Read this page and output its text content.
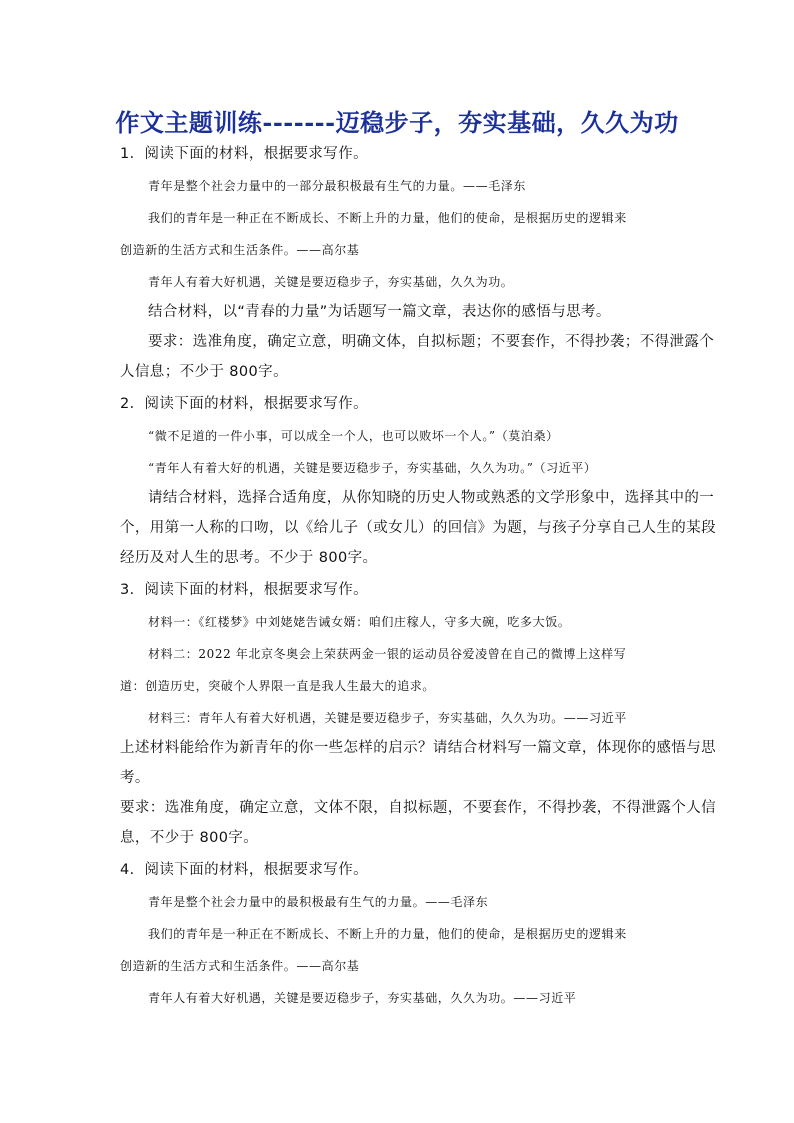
作文主题训练-------迈稳步子，夯实基础，久久为功
1．阅读下面的材料，根据要求写作。
青年是整个社会力量中的一部分最积极最有生气的力量。——毛泽东
我们的青年是一种正在不断成长、不断上升的力量，他们的使命，是根据历史的逻辑来
创造新的生活方式和生活条件。——高尔基
青年人有着大好机遇，关键是要迈稳步子，夯实基础，久久为功。
结合材料，以“青春的力量”为话题写一篇文章，表达你的感悟与思考。
要求：选准角度，确定立意，明确文体，自拟标题；不要套作，不得抄袭；不得泄露个
人信息；不少于 800字。
2．阅读下面的材料，根据要求写作。
“微不足道的一件小事，可以成全一个人，也可以败坏一个人。”（莫泊桑）
“青年人有着大好的机遇，关键是要迈稳步子，夯实基础，久久为功。”（习近平）
请结合材料，选择合适角度，从你知晓的历史人物或熟悉的文学形象中，选择其中的一
个，用第一人称的口吻，以《给儿子（或女儿）的回信》为题，与孩子分享自己人生的某段
经历及对人生的思考。不少于 800字。
3．阅读下面的材料，根据要求写作。
材料一：《红楼梦》中刘姥姥告诫女婿：咱们庄稼人，守多大碗，吃多大饭。
材料二：2022 年北京冬奥会上荣获两金一银的运动员谷爱凌曾在自己的微博上这样写
道：创造历史，突破个人界限一直是我人生最大的追求。
材料三：青年人有着大好机遇，关键是要迈稳步子，夯实基础，久久为功。——习近平
上述材料能给作为新青年的你一些怎样的启示？请结合材料写一篇文章，体现你的感悟与思
考。
要求：选准角度，确定立意，文体不限，自拟标题，不要套作，不得抄袭，不得泄露个人信
息，不少于 800字。
4．阅读下面的材料，根据要求写作。
青年是整个社会力量中的最积极最有生气的力量。——毛泽东
我们的青年是一种正在不断成长、不断上升的力量，他们的使命，是根据历史的逻辑来
创造新的生活方式和生活条件。——高尔基
青年人有着大好机遇，关键是要迈稳步子，夯实基础，久久为功。——习近平
